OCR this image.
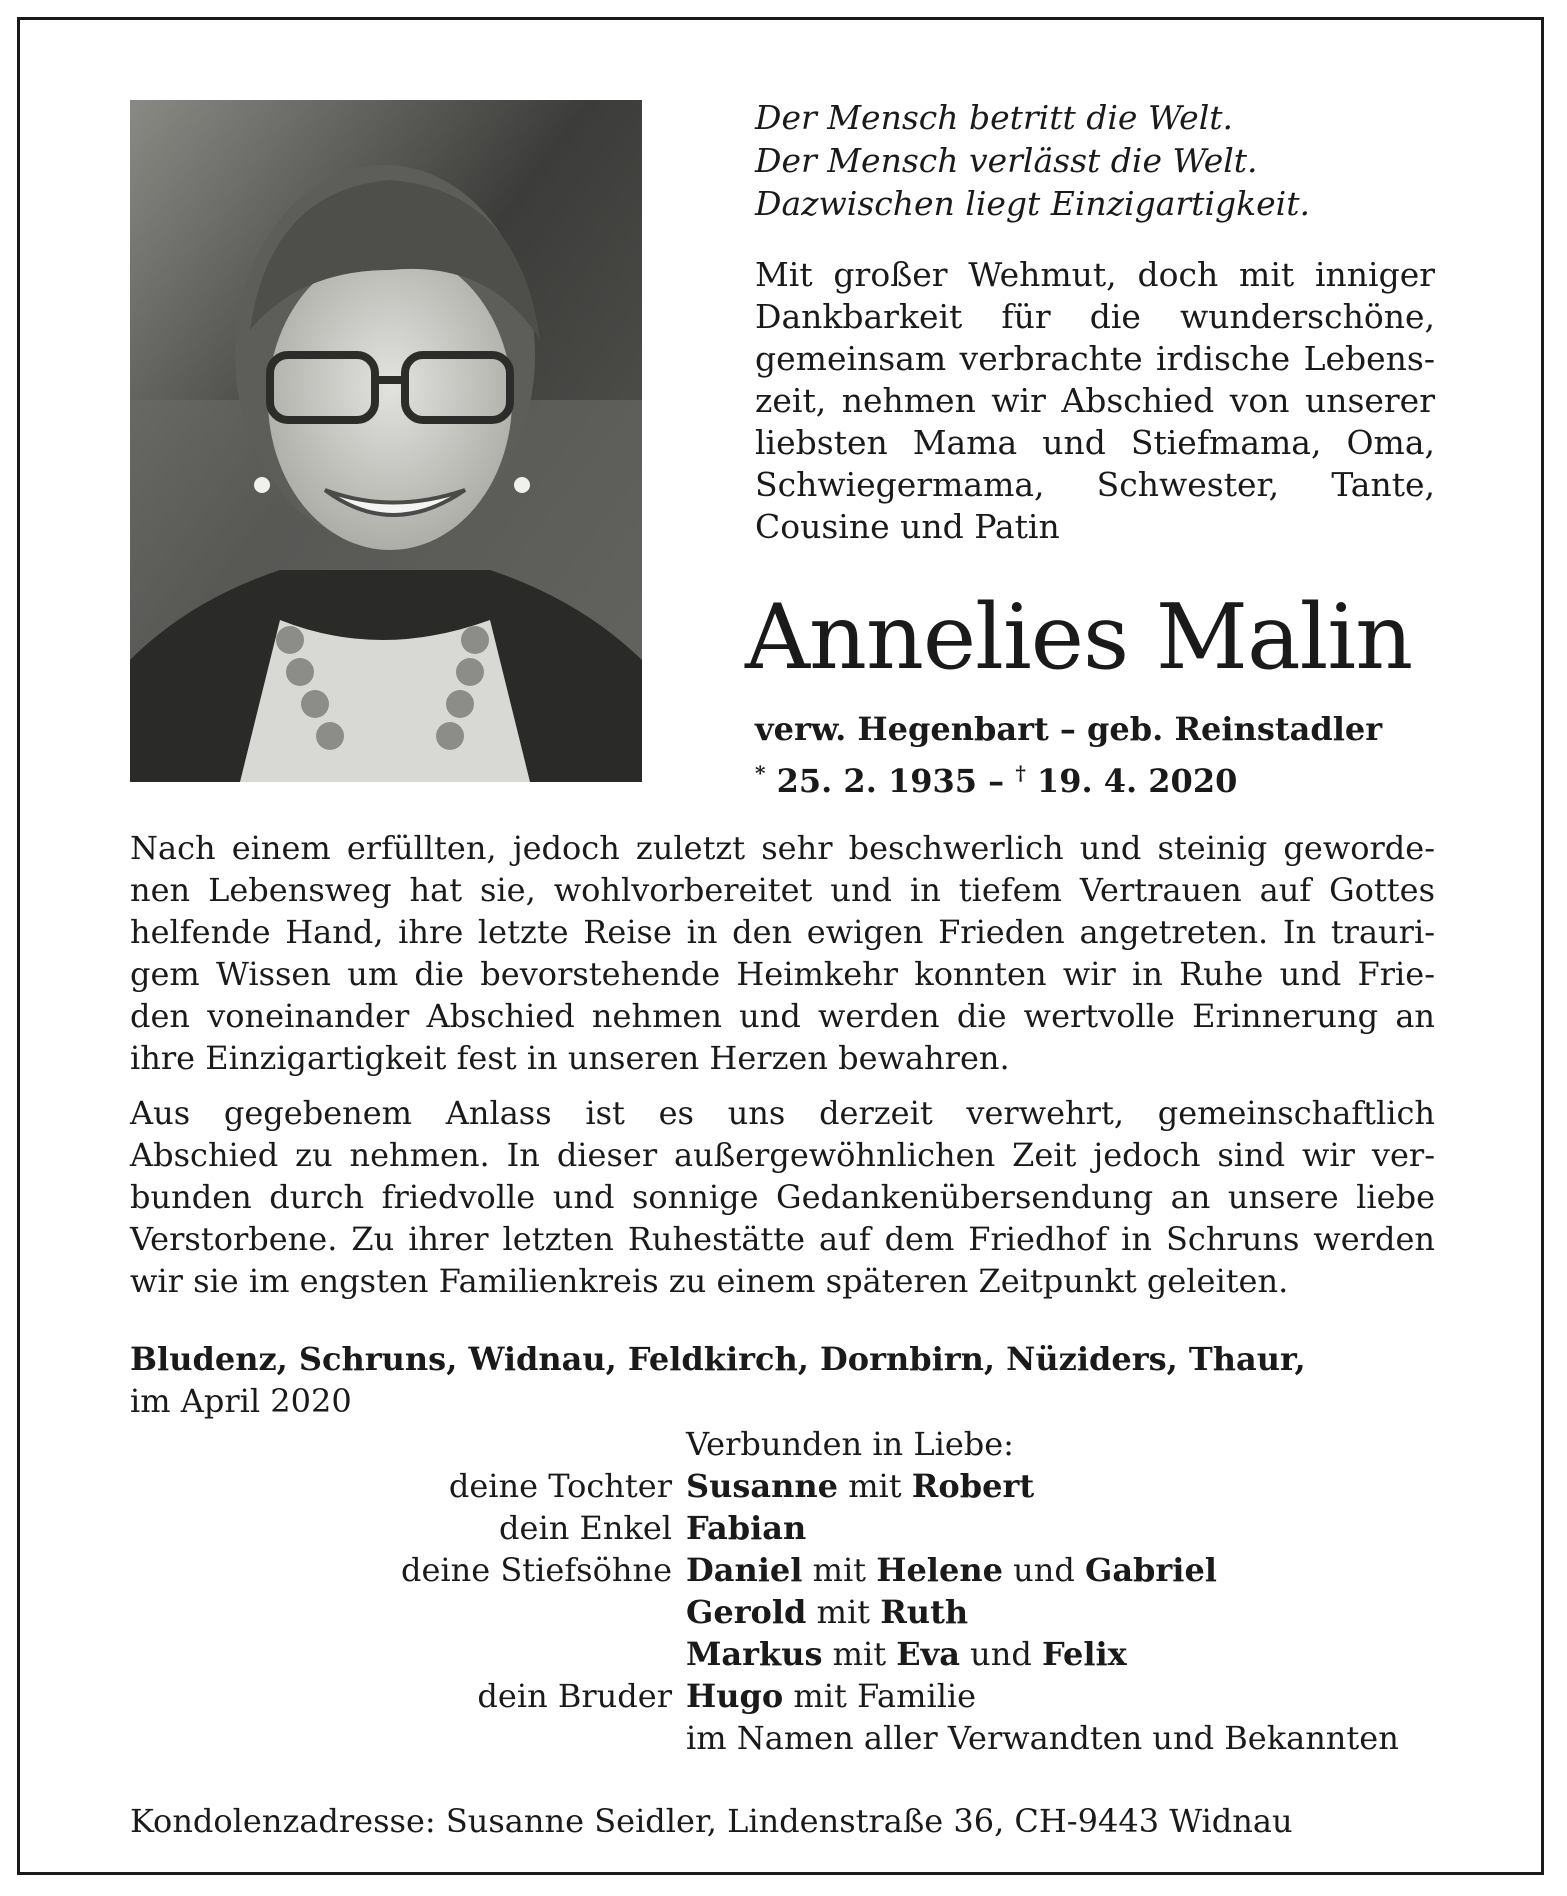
Der Mensch betritt die Welt.
Der Mensch verlässt die Welt.
Dazwischen liegt Einzigartigkeit.
Mit großer Wehmut, doch mit inniger
Dankbarkeit für die wunderschöne,
gemeinsam verbrachte irdische Lebens-
zeit, nehmen wir Abschied von unserer
liebsten Mama und Stiefmama, Oma,
Schwiegermama, Schwester, Tante,
Cousine und Patin
Annelies Malin
verw. Hegenbart – geb. Reinstadler
* 25. 2. 1935 – † 19. 4. 2020
Nach einem erfüllten, jedoch zuletzt sehr beschwerlich und steinig geworde-
nen Lebensweg hat sie, wohlvorbereitet und in tiefem Vertrauen auf Gottes
helfende Hand, ihre letzte Reise in den ewigen Frieden angetreten. In trauri-
gem Wissen um die bevorstehende Heimkehr konnten wir in Ruhe und Frie-
den voneinander Abschied nehmen und werden die wertvolle Erinnerung an
ihre Einzigartigkeit fest in unseren Herzen bewahren.
Aus gegebenem Anlass ist es uns derzeit verwehrt, gemeinschaftlich
Abschied zu nehmen. In dieser außergewöhnlichen Zeit jedoch sind wir ver-
bunden durch friedvolle und sonnige Gedankenübersendung an unsere liebe
Verstorbene. Zu ihrer letzten Ruhestätte auf dem Friedhof in Schruns werden
wir sie im engsten Familienkreis zu einem späteren Zeitpunkt geleiten.
Bludenz, Schruns, Widnau, Feldkirch, Dornbirn, Nüziders, Thaur,
im April 2020
Verbunden in Liebe:
deine Tochter Susanne mit Robert
dein Enkel Fabian
deine Stiefsöhne Daniel mit Helene und Gabriel
Gerold mit Ruth
Markus mit Eva und Felix
dein Bruder Hugo mit Familie
im Namen aller Verwandten und Bekannten
Kondolenzadresse: Susanne Seidler, Lindenstraße 36, CH-9443 Widnau
